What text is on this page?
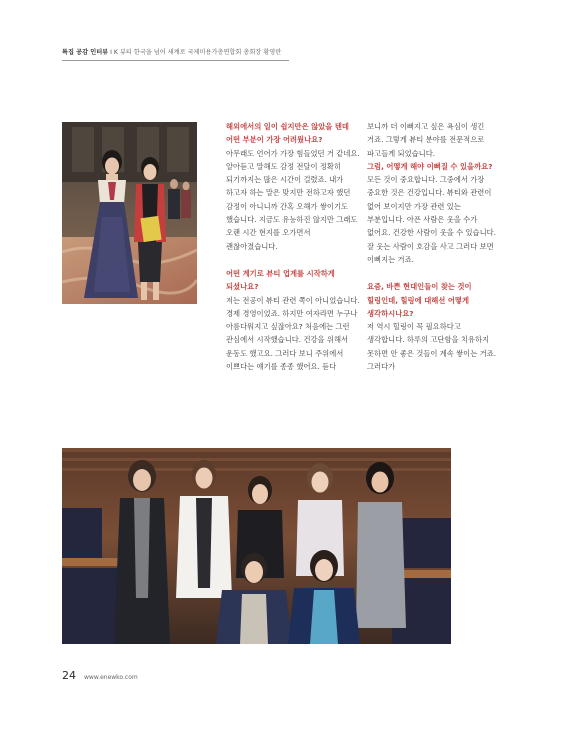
특집 공감 인터뷰 I K 뷰티 한국을 넘어 세계로 국제미용가총연합회 총회장 황영란

해외에서의 일이 쉽지만은 않았을 텐데 어떤 부분이 가장 어려웠나요?

아무래도 언어가 가장 힘들었던 거 같네요. 알아듣고 말해도 감정 전달이 정확히 되기까지는 많은 시간이 걸렸죠. 내가 하고자 하는 말은 맞지만 전하고자 했던 감정이 아니니까 간혹 오해가 쌓이기도 했습니다. 지금도 유능하진 않지만 그래도 오랜 시간 현지를 오가면서 괜찮아졌습니다.

어떤 계기로 뷰티 업계를 시작하게 되셨나요?

저는 전공이 뷰티 관련 쪽이 아니었습니다. 경제 경영이었죠. 하지만 여자라면 누구나 아름다워지고 싶잖아요? 처음에는 그런 관심에서 시작했습니다. 건강을 위해서 운동도 했고요. 그러다 보니 주위에서 이쁘다는 얘기를 종종 했어요. 듣다

보니까 더 이뻐지고 싶은 욕심이 생긴 거죠. 그렇게 뷰티 분야를 전문적으로 파고들게 되었습니다.

그럼, 어떻게 해야 이뻐질 수 있을까요?

모든 것이 중요합니다. 그중에서 가장 중요한 것은 건강입니다. 뷰티와 관련이 없어 보이지만 가장 관련 있는 부분입니다. 아픈 사람은 웃을 수가 없어요. 건강한 사람이 웃을 수 있습니다. 잘 웃는 사람이 호감을 사고 그러다 보면 이뻐지는 거죠.

요즘, 바쁜 현대인들이 찾는 것이 힐링인데, 힐링에 대해선 어떻게 생각하시나요?

저 역시 힐링이 꼭 필요하다고 생각합니다. 하루의 고단함을 치유하지 못하면 안 좋은 것들이 계속 쌓이는 거죠. 그러다가

24 www.enewko.com
